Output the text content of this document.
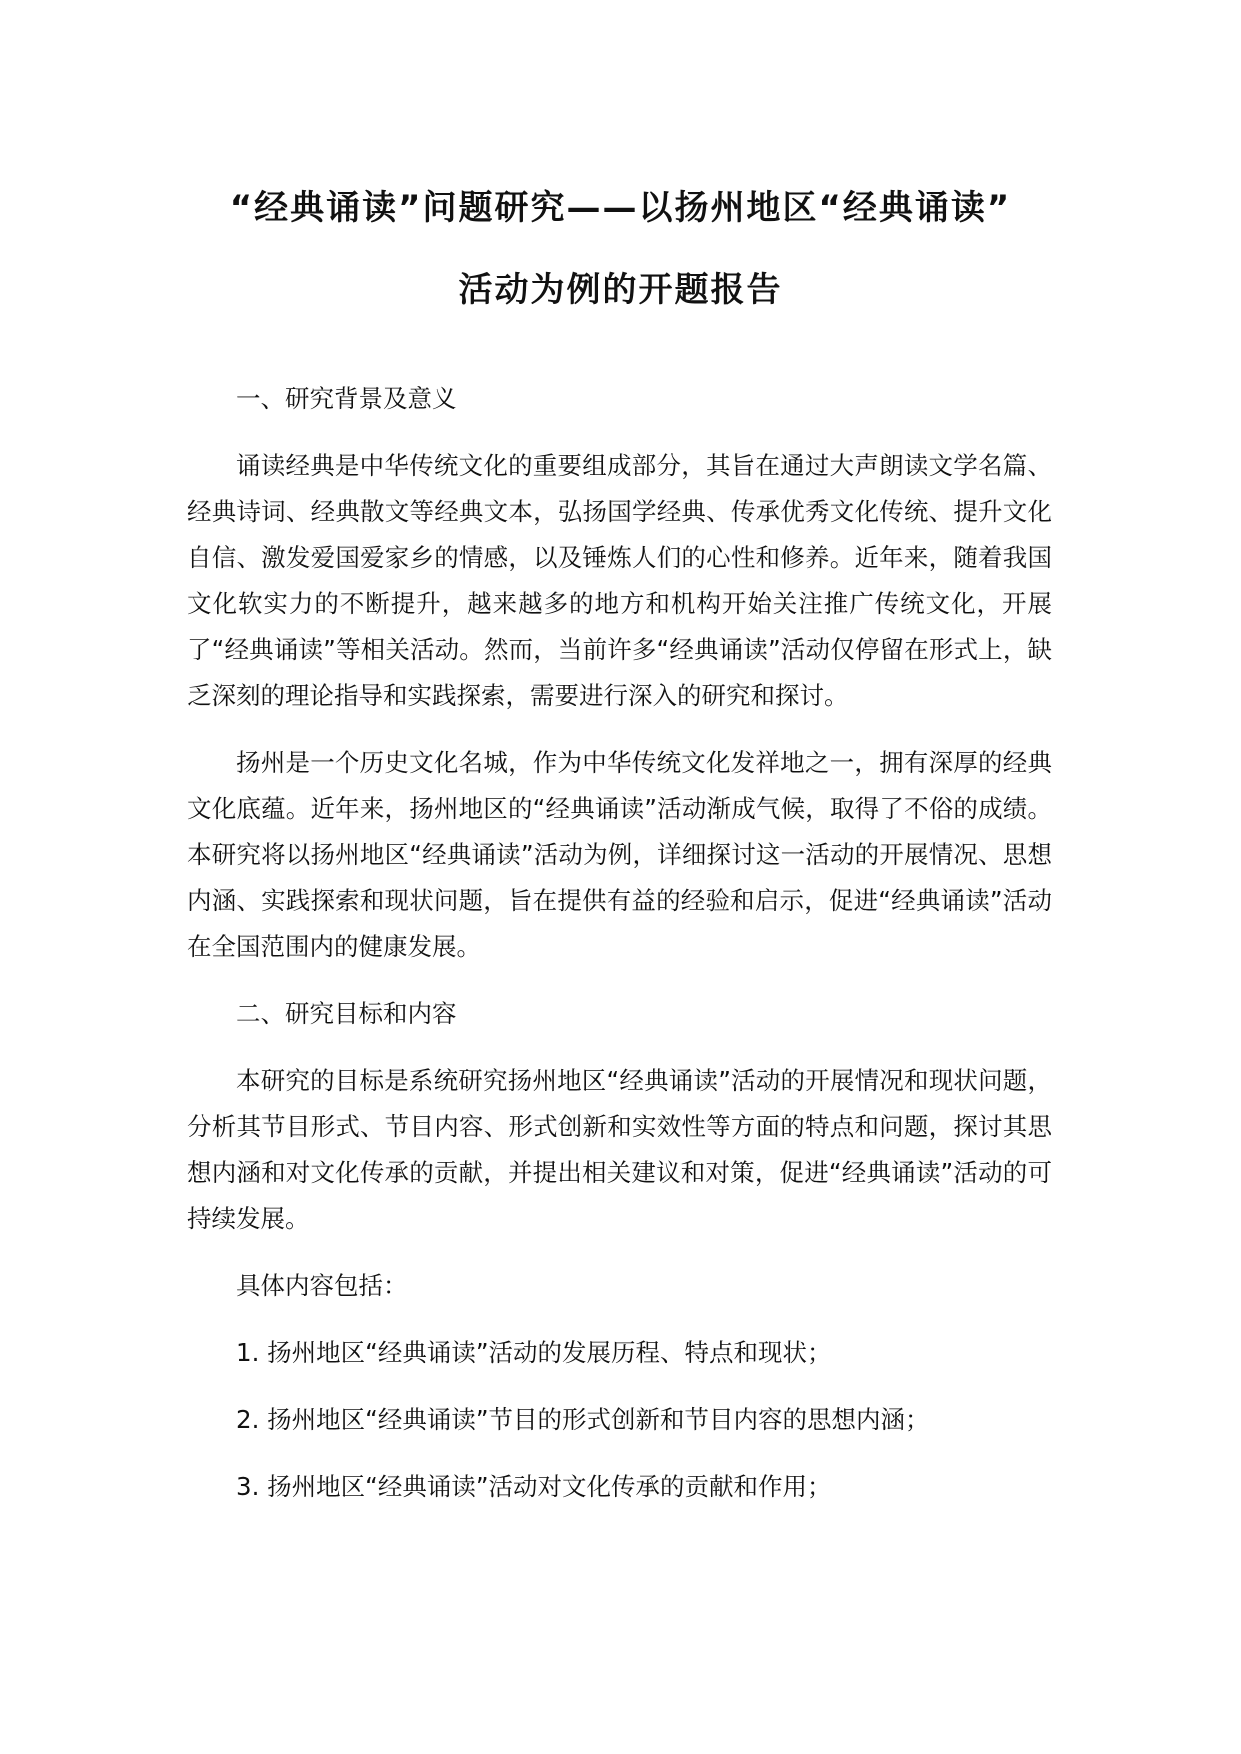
“经典诵读”问题研究——以扬州地区“经典诵读”
活动为例的开题报告

一、研究背景及意义

诵读经典是中华传统文化的重要组成部分，其旨在通过大声朗读文学名篇、经典诗词、经典散文等经典文本，弘扬国学经典、传承优秀文化传统、提升文化自信、激发爱国爱家乡的情感，以及锤炼人们的心性和修养。近年来，随着我国文化软实力的不断提升，越来越多的地方和机构开始关注推广传统文化，开展了“经典诵读”等相关活动。然而，当前许多“经典诵读”活动仅停留在形式上，缺乏深刻的理论指导和实践探索，需要进行深入的研究和探讨。

扬州是一个历史文化名城，作为中华传统文化发祥地之一，拥有深厚的经典文化底蕴。近年来，扬州地区的“经典诵读”活动渐成气候，取得了不俗的成绩。本研究将以扬州地区“经典诵读”活动为例，详细探讨这一活动的开展情况、思想内涵、实践探索和现状问题，旨在提供有益的经验和启示，促进“经典诵读”活动在全国范围内的健康发展。

二、研究目标和内容

本研究的目标是系统研究扬州地区“经典诵读”活动的开展情况和现状问题，分析其节目形式、节目内容、形式创新和实效性等方面的特点和问题，探讨其思想内涵和对文化传承的贡献，并提出相关建议和对策，促进“经典诵读”活动的可持续发展。

具体内容包括：

1. 扬州地区“经典诵读”活动的发展历程、特点和现状；

2. 扬州地区“经典诵读”节目的形式创新和节目内容的思想内涵；

3. 扬州地区“经典诵读”活动对文化传承的贡献和作用；
